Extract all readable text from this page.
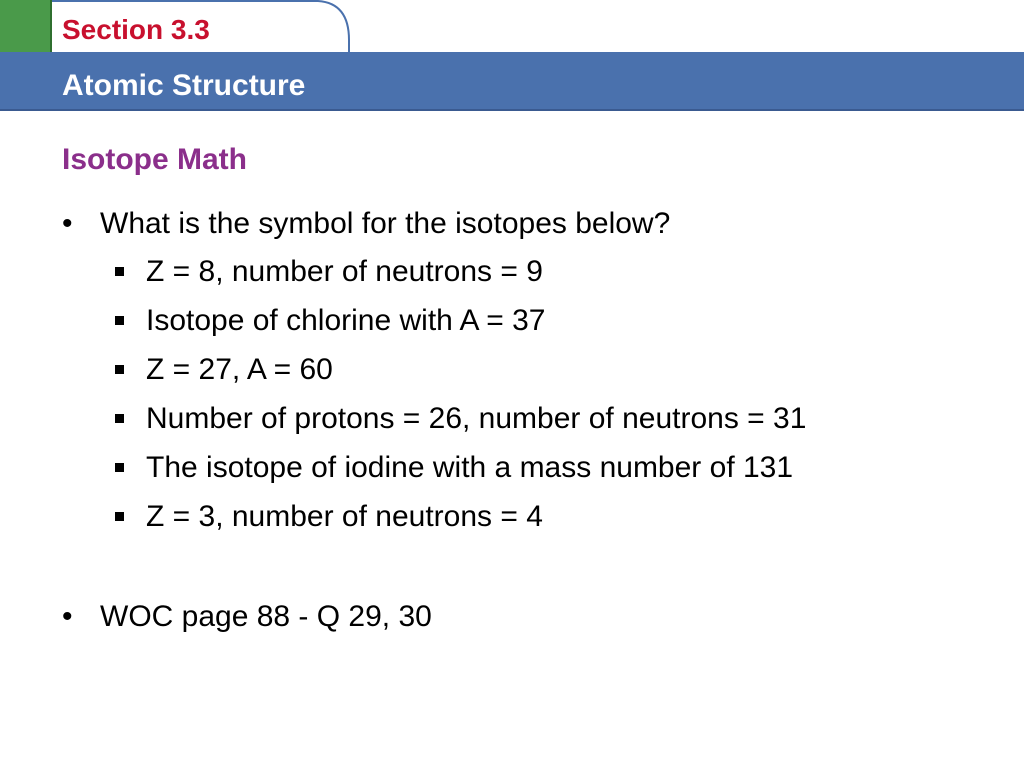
Section 3.3
Atomic Structure
Isotope Math
• What is the symbol for the isotopes below?
Z = 8, number of neutrons = 9
Isotope of chlorine with A = 37
Z = 27, A = 60
Number of protons = 26, number of neutrons = 31
The isotope of iodine with a mass number of 131
Z = 3, number of neutrons = 4
• WOC page 88 - Q 29, 30
